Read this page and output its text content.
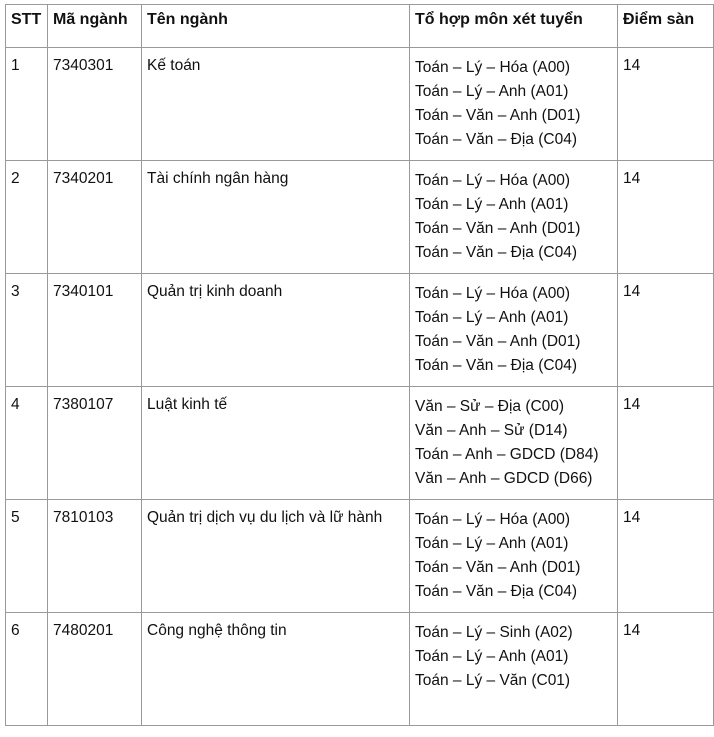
STT	Mã ngành	Tên ngành	Tổ hợp môn xét tuyển	Điểm sàn

1	7340301	Kế toán	Toán – Lý – Hóa (A00)
Toán – Lý – Anh (A01)
Toán – Văn – Anh (D01)
Toán – Văn – Địa (C04)	14

2	7340201	Tài chính ngân hàng	Toán – Lý – Hóa (A00)
Toán – Lý – Anh (A01)
Toán – Văn – Anh (D01)
Toán – Văn – Địa (C04)	14

3	7340101	Quản trị kinh doanh	Toán – Lý – Hóa (A00)
Toán – Lý – Anh (A01)
Toán – Văn – Anh (D01)
Toán – Văn – Địa (C04)	14

4	7380107	Luật kinh tế	Văn – Sử – Địa (C00)
Văn – Anh – Sử (D14)
Toán – Anh – GDCD (D84)
Văn – Anh – GDCD (D66)	14

5	7810103	Quản trị dịch vụ du lịch và lữ hành	Toán – Lý – Hóa (A00)
Toán – Lý – Anh (A01)
Toán – Văn – Anh (D01)
Toán – Văn – Địa (C04)	14

6	7480201	Công nghệ thông tin	Toán – Lý – Sinh (A02)
Toán – Lý – Anh (A01)
Toán – Lý – Văn (C01)	14
